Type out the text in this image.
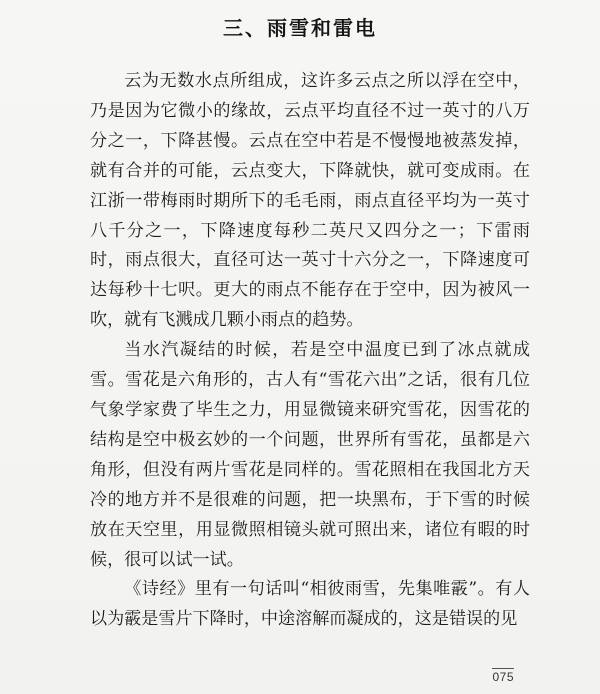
三、雨雪和雷电

云为无数水点所组成，这许多云点之所以浮在空中，乃是因为它微小的缘故，云点平均直径不过一英寸的八万分之一，下降甚慢。云点在空中若是不慢慢地被蒸发掉，就有合并的可能，云点变大，下降就快，就可变成雨。在江浙一带梅雨时期所下的毛毛雨，雨点直径平均为一英寸八千分之一，下降速度每秒二英尺又四分之一；下雷雨时，雨点很大，直径可达一英寸十六分之一，下降速度可达每秒十七呎。更大的雨点不能存在于空中，因为被风一吹，就有飞溅成几颗小雨点的趋势。

当水汽凝结的时候，若是空中温度已到了冰点就成雪。雪花是六角形的，古人有“雪花六出”之话，很有几位气象学家费了毕生之力，用显微镜来研究雪花，因雪花的结构是空中极玄妙的一个问题，世界所有雪花，虽都是六角形，但没有两片雪花是同样的。雪花照相在我国北方天冷的地方并不是很难的问题，把一块黑布，于下雪的时候放在天空里，用显微照相镜头就可照出来，诸位有暇的时候，很可以试一试。

《诗经》里有一句话叫“相彼雨雪，先集唯霰”。有人以为霰是雪片下降时，中途溶解而凝成的，这是错误的见

075
